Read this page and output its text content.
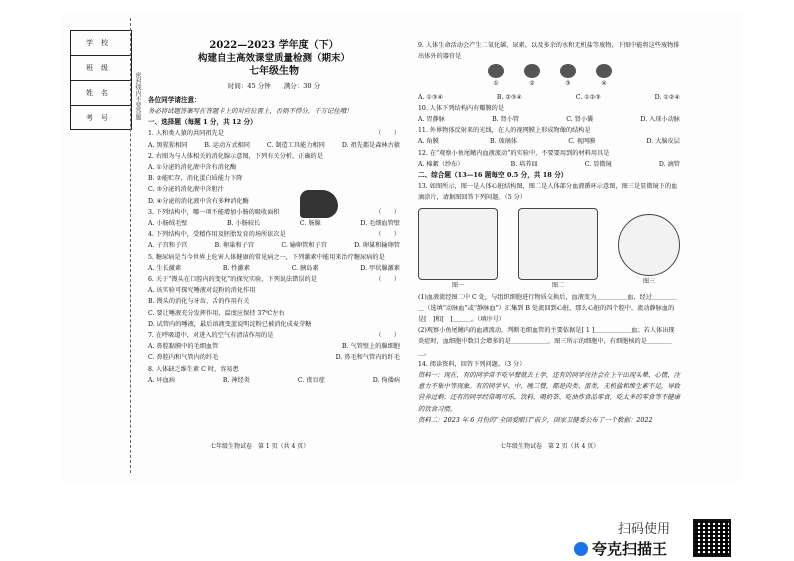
学校
班级
姓名
考号	密封线内不要答题
2022—2023 学年度（下）
构建自主高效课堂质量检测（期末）
七年级生物
时间：45 分钟　　满分：30 分
各位同学请注意：
务必将试题答案写在答题卡上的对应位置上，否则不得分，千万记住哦！
一、选择题（每题 1 分，共 12 分）
1. 人和类人猿的共同祖先是	（　　）
A. 黑猩猩相同	B. 运动方式相同	C. 制造工具能力相同	D. 祖先都是森林古猿
2. 右图为与人体相关的消化腺示意图，下列有关分析，正确的是
A. ①分泌的消化液中含有消化酶
B. ②能贮存，消化蛋白质能力下降
C. ③分泌的消化液中含胆汁
D. ④分泌的消化液中含有多种消化酶
3. 下列结构中，哪一项不能增加小肠的吸收面积	（　　）
A. 小肠绒毛壁	B. 小肠较长	C. 肠腺	D. 毛细血管壁
4. 下列结构中，受精作用及胚胎发育的场所依次是	（　　）
A. 子宫和子宫	B. 卵巢和子宫	C. 输卵管和子宫	D. 卵巢和输卵管
5. 糖尿病是当今世界上危害人体健康的常见病之一，下列激素中能用来治疗糖尿病的是
A. 生长激素	B. 性激素	C. 胰岛素	D. 甲状腺激素
6. 关于“馒头在口腔内的变化”的探究实验，下列说法错误的是	（　　）
A. 该实验可探究唾液对淀粉的消化作用
B. 馒头的消化与牙齿、舌的作用有关
C. 要让唾液充分发挥作用，温度应保持 37℃左右
D. 试管内的唾液，最后溶液变蓝说明淀粉已被消化成麦芽糖
7. 在呼吸道中，对进入的空气有清洁作用的是	（　　）
A. 鼻腔黏膜中的毛细血管	B. 气管壁上的腺细胞
C. 鼻腔内和气管内的纤毛	D. 鼻毛和气管内的纤毛
8. 人体缺乏维生素 C 时，容易患
A. 坏血病	B. 神经炎	C. 夜盲症	D. 佝偻病
七年级生物试卷　第 1 页（共 4 页）
9. 人体生命活动会产生二氧化碳、尿素，以及多余的水和无机盐等废物，下图中能将这些废物排出体外的器官是
①	②	③	④
A. ①③④	B. ②③④	C. ①②③	D. ①②④
10. 人体下列结构内有瓣膜的是
A. 胃静脉	B. 肾小管	C. 肾小囊	D. 入球小动脉
11. 外界物体反射来的光线，在人的视网膜上形成物像的结构是
A. 角膜	B. 玻璃体	C. 视网膜	D. 大脑皮层
12. 在“观察小鱼尾鳍内血液流动”的实验中，不要要用到的材料用具是
A. 棉絮（纱布）	B. 培养皿	C. 显微镜	D. 滴管
二、综合题（13—16 题每空 0.5 分，共 18 分）
13. 如图所示，图一是人体心脏结构图，图二是人体部分血液循环示意图，图三是显微镜下的血滴涂片，请据图回答下列问题。（5 分）
图一	图二
图三
(1)血液流经图二中 C 处，与组织细胞进行物质交换后，血液变为＿＿＿＿＿血，经过＿＿＿＿＿（选填“动脉血”或“静脉血”）汇集到 B 处流回到心脏，那么心脏的四个腔中，流动静脉血的是[　]和[　]＿＿＿。（填序号）
(2)观察小鱼尾鳍内的血液流动，判断毛细血管的主要依据是[ 1 ]＿＿＿＿＿＿血；若人体出现炎症时，血细胞中数目会增多的是＿＿＿＿＿＿，图三所示的细胞中，有细胞核的是＿＿＿＿＿。
14. 阅读资料，回答下列问题。（3 分）
资料一：现在，有的同学常不吃早餐就去上学，还有的同学往往会在上午出现头晕、心慌、注意力不集中等现象。有的同学早、中、晚三餐，都是肉类、蛋类，无机盐和维生素不足，导致营养过剩；还有的同学经常喝可乐，饮料，喝奶茶、吃油炸食品零食，吃太多的零食等不健康的饮食习惯。
资料二：2023 年 6 月份的“全国爱眼日”前夕，国家卫健委公布了一个数据：2022
七年级生物试卷　第 2 页（共 4 页）
扫码使用
夸克扫描王
